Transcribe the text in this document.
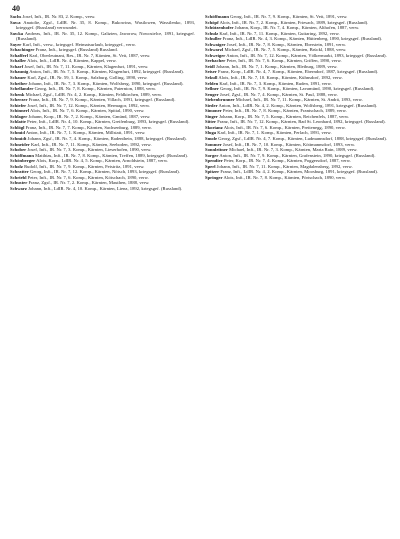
40

Sachs Josef, Inft., IR. Nr. 83, 2. Komp., verw.

Sawa Anatolie, Zgsf., LdIR. Nr. 35, 8. Komp., Bukowina, Wasilowen, Wassilenko, 1893, kriegsgef. (Russland) verwundet.

Sawka Andreas, Inft., IR. Nr. 35, 12. Komp., Galizien, Jaworow, Nowosielce, 1891, kriegsgef. (Russland).

Sayer Karl, Inft., verw., kriegsgef. Heimatsurlaub, kriegsgef., verw.

Schachinger Franz, Inft., kriegsgef. (Russland) Russland.

Schafferl Karl, Oberleutnant, Res., IR. Nr. 7, Kärnten, St. Veit, 1887, verw.

Schaller Alois, Inft., LdIR. Nr. 4, Kärnten, Kappel, verw.

Scharf Josef, Inft., IR. Nr. 7, 11. Komp., Kärnten, Klagenfurt, 1891, verw.

Schaunig Anton, Inft., IR. Nr. 7, 5. Komp., Kärnten, Klagenfurt, 1892, kriegsgef. (Russland).

Schauer Karl, Zgsf., IR. Nr. 59, 1. Komp., Salzburg, Golling, 1890, verw.

Scheiber Johann, Inft., IR. Nr. 7, 3. Komp., Kärnten, Wolfsberg, 1890, kriegsgef. (Russland).

Schellander Georg, Inft., IR. Nr. 7, 8. Komp., Kärnten, Paternion, 1888, verw.

Schenk Michael, Zgsf., LdIR. Nr. 4, 2. Komp., Kärnten, Feldkirchen, 1889, verw.

Scherzer Franz, Inft., IR. Nr. 7, 9. Komp., Kärnten, Villach, 1891, kriegsgef. (Russland).

Schiefer Josef, Inft., IR. Nr. 7, 12. Komp., Kärnten, Hermagor, 1892, verw.

Schinnerl Alois, Inft., IR. Nr. 7, 6. Komp., Kärnten, Spittal, 1890, verw.

Schlager Johann, Korp., IR. Nr. 7, 2. Komp., Kärnten, Gmünd, 1887, verw.

Schlatte Peter, Inft., LdIR. Nr. 4, 10. Komp., Kärnten, Greifenburg, 1893, kriegsgef. (Russland).

Schlögl Franz, Inft., IR. Nr. 7, 7. Komp., Kärnten, Sachsenburg, 1889, verw.

Schmid Anton, Inft., IR. Nr. 7, 1. Komp., Kärnten, Millstatt, 1891, verw.

Schmidt Johann, Zgsf., IR. Nr. 7, 4. Komp., Kärnten, Radenthein, 1888, kriegsgef. (Russland).

Schneider Karl, Inft., IR. Nr. 7, 11. Komp., Kärnten, Seeboden, 1892, verw.

Schober Josef, Inft., IR. Nr. 7, 3. Komp., Kärnten, Lieserhofen, 1890, verw.

Schöffmann Matthias, Inft., IR. Nr. 7, 8. Komp., Kärnten, Treffen, 1889, kriegsgef. (Russland).

Schönberger Alois, Korp., LdIR. Nr. 4, 5. Komp., Kärnten, Arnoldstein, 1887, verw.

Scholz Rudolf, Inft., IR. Nr. 7, 9. Komp., Kärnten, Feistritz, 1891, verw.

Schratter Georg, Inft., IR. Nr. 7, 12. Komp., Kärnten, Nötsch, 1893, kriegsgef. (Russland).

Schriebl Peter, Inft., IR. Nr. 7, 6. Komp., Kärnten, Kötschach, 1890, verw.

Schuster Franz, Zgsf., IR. Nr. 7, 2. Komp., Kärnten, Mauthen, 1888, verw.

Schwarz Johann, Inft., LdIR. Nr. 4, 10. Komp., Kärnten, Lienz, 1892, kriegsgef. (Russland).

Schöffmann Georg, Inft., IR. Nr. 7, 9. Komp., Kärnten, St. Veit, 1891, verw.

Schöpf Alois, Inft., IR. Nr. 7, 2. Komp., Kärnten, Friesach, 1889, kriegsgef. (Russland).

Schützenhofer Johann, Korp., IR. Nr. 7, 4. Komp., Kärnten, Althofen, 1887, verw.

Schulz Karl, Inft., IR. Nr. 7, 11. Komp., Kärnten, Guttaring, 1892, verw.

Schuller Franz, Inft., LdIR. Nr. 4, 3. Komp., Kärnten, Hüttenberg, 1890, kriegsgef. (Russland).

Schwaiger Josef, Inft., IR. Nr. 7, 8. Komp., Kärnten, Eberstein, 1891, verw.

Schwarzl Michael, Zgsf., IR. Nr. 7, 5. Komp., Kärnten, Brückl, 1888, verw.

Schweiger Anton, Inft., IR. Nr. 7, 12. Komp., Kärnten, Völkermarkt, 1893, kriegsgef. (Russland).

Seebacher Peter, Inft., IR. Nr. 7, 6. Komp., Kärnten, Griffen, 1890, verw.

Seidl Johann, Inft., IR. Nr. 7, 1. Komp., Kärnten, Bleiburg, 1889, verw.

Seiser Franz, Korp., LdIR. Nr. 4, 7. Komp., Kärnten, Eberndorf, 1887, kriegsgef. (Russland).

Sekull Alois, Inft., IR. Nr. 7, 10. Komp., Kärnten, Kühnsdorf, 1892, verw.

Selden Karl, Inft., IR. Nr. 7, 3. Komp., Kärnten, Ruden, 1891, verw.

Sellner Georg, Inft., IR. Nr. 7, 9. Komp., Kärnten, Lavamünd, 1890, kriegsgef. (Russland).

Senger Josef, Zgsf., IR. Nr. 7, 4. Komp., Kärnten, St. Paul, 1888, verw.

Siebenbrunner Michael, Inft., IR. Nr. 7, 11. Komp., Kärnten, St. Andrä, 1893, verw.

Sieder Anton, Inft., LdIR. Nr. 4, 2. Komp., Kärnten, Wolfsberg, 1891, kriegsgef. (Russland).

Simoner Peter, Inft., IR. Nr. 7, 8. Komp., Kärnten, Frantschach, 1889, verw.

Singer Johann, Korp., IR. Nr. 7, 5. Komp., Kärnten, Reichenfels, 1887, verw.

Sitter Franz, Inft., IR. Nr. 7, 12. Komp., Kärnten, Bad St. Leonhard, 1892, kriegsgef. (Russland).

Skorianz Alois, Inft., IR. Nr. 7, 6. Komp., Kärnten, Preitenegg, 1890, verw.

Sluga Karl, Inft., IR. Nr. 7, 1. Komp., Kärnten, Ferlach, 1891, verw.

Smole Georg, Zgsf., LdIR. Nr. 4, 7. Komp., Kärnten, Ludmannsdorf, 1888, kriegsgef. (Russland).

Sommer Josef, Inft., IR. Nr. 7, 10. Komp., Kärnten, Köttmannsdorf, 1893, verw.

Sonnleitner Michael, Inft., IR. Nr. 7, 3. Komp., Kärnten, Maria Rain, 1889, verw.

Sorger Anton, Inft., IR. Nr. 7, 9. Komp., Kärnten, Grafenstein, 1890, kriegsgef. (Russland).

Spendier Peter, Korp., IR. Nr. 7, 4. Komp., Kärnten, Poggersdorf, 1887, verw.

Sperl Johann, Inft., IR. Nr. 7, 11. Komp., Kärnten, Magdalensberg, 1892, verw.

Spitzer Franz, Inft., LdIR. Nr. 4, 2. Komp., Kärnten, Moosburg, 1891, kriegsgef. (Russland).

Springer Alois, Inft., IR. Nr. 7, 8. Komp., Kärnten, Pörtschach, 1890, verw.
